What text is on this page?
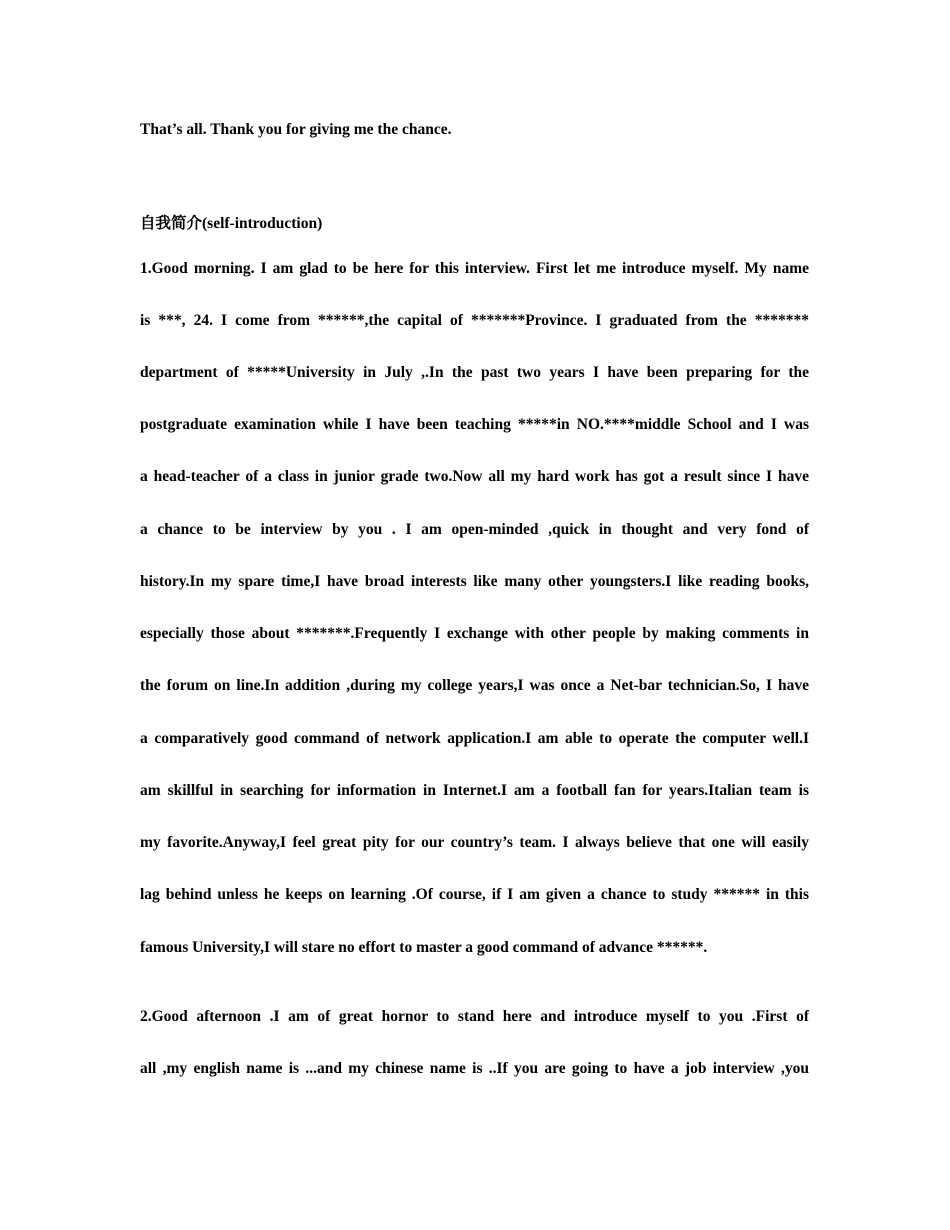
That’s all. Thank you for giving me the chance.
自我简介(self-introduction)
1.Good morning. I am glad to be here for this interview. First let me introduce myself. My name
is ***, 24. I come from ******,the capital of *******Province. I graduated from the *******
department of *****University in July ,.In the past two years I have been preparing for the
postgraduate examination while I have been teaching *****in NO.****middle School and I was
a head-teacher of a class in junior grade two.Now all my hard work has got a result since I have
a chance to be interview by you . I am open-minded ,quick in thought and very fond of
history.In my spare time,I have broad interests like many other youngsters.I like reading books,
especially those about *******.Frequently I exchange with other people by making comments in
the forum on line.In addition ,during my college years,I was once a Net-bar technician.So, I have
a comparatively good command of network application.I am able to operate the computer well.I
am skillful in searching for information in Internet.I am a football fan for years.Italian team is
my favorite.Anyway,I feel great pity for our country’s team. I always believe that one will easily
lag behind unless he keeps on learning .Of course, if I am given a chance to study ****** in this
famous University,I will stare no effort to master a good command of advance ******.
2.Good afternoon .I am of great hornor to stand here and introduce myself to you .First of
all ,my english name is ...and my chinese name is ..If you are going to have a job interview ,you
